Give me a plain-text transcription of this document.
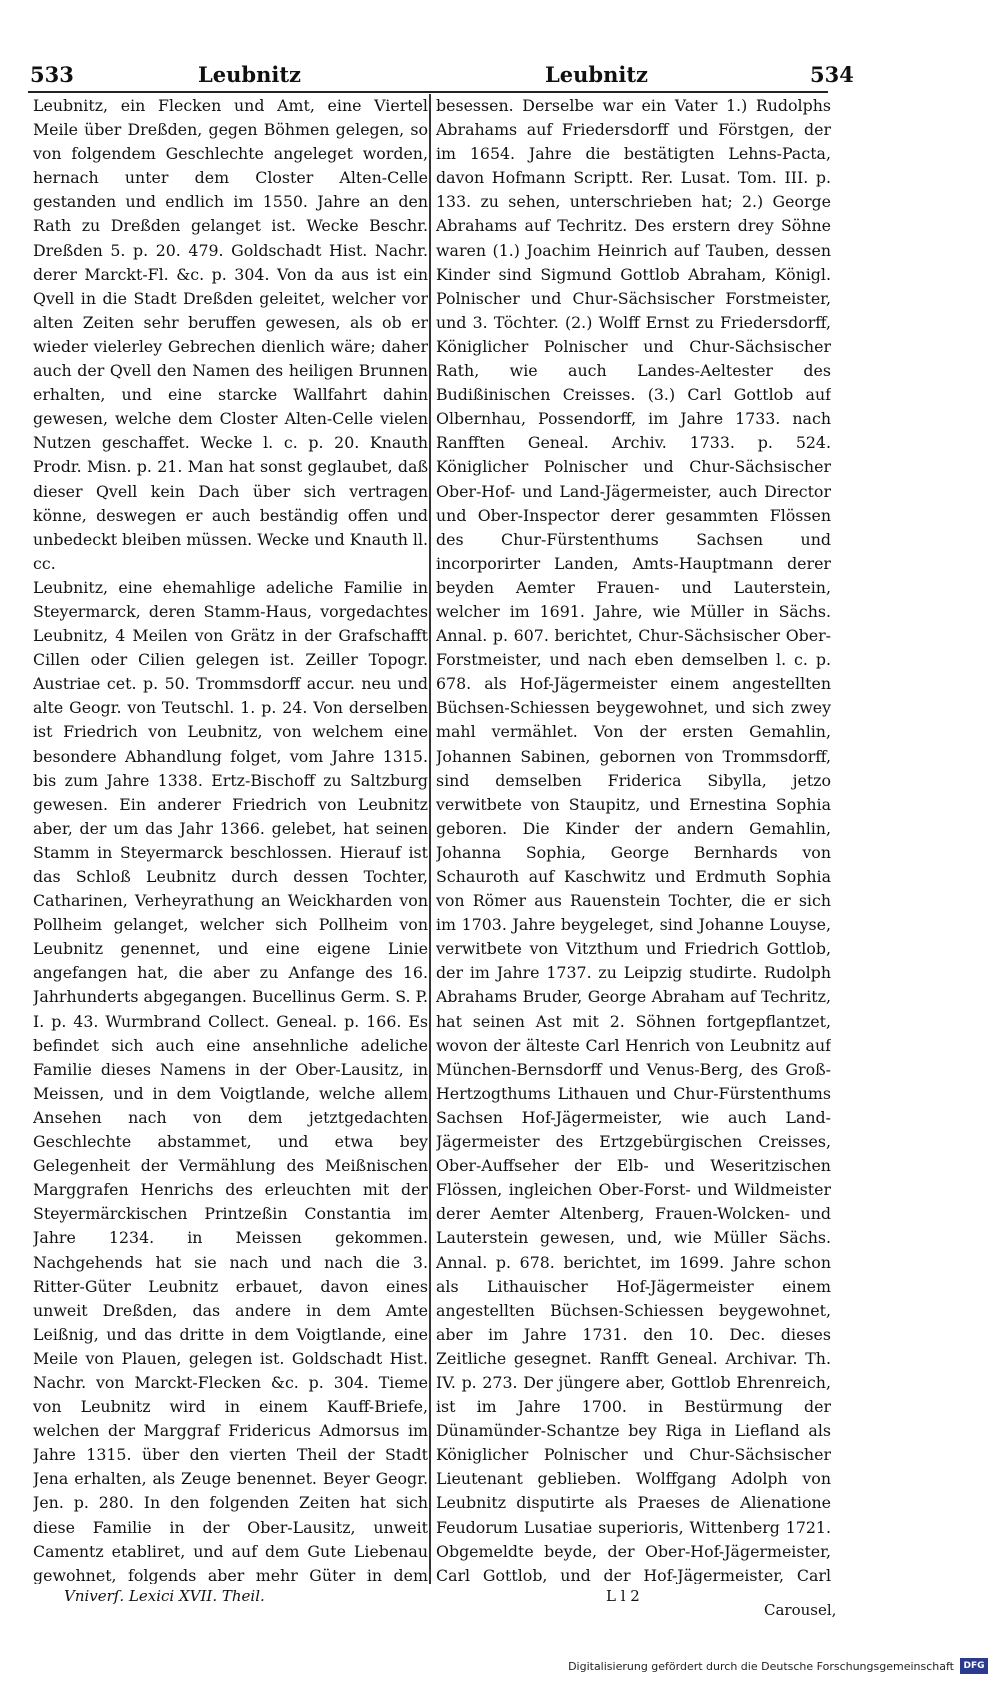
533	Leubnitz	Leubnitz	534

Leubnitz, ein Flecken und Amt, eine Viertel Meile über Dreßden, gegen Böhmen gelegen, so von folgendem Geschlechte angeleget worden, hernach unter dem Closter Alten-Celle gestanden und endlich im 1550. Jahre an den Rath zu Dreßden gelanget ist. Wecke Beschr. Dreßden 5. p. 20. 479. Goldschadt Hist. Nachr. derer Marckt-Fl. &c. p. 304. Von da aus ist ein Qvell in die Stadt Dreßden geleitet, welcher vor alten Zeiten sehr beruffen gewesen, als ob er wieder vielerley Gebrechen dienlich wäre; daher auch der Qvell den Namen des heiligen Brunnen erhalten, und eine starcke Wallfahrt dahin gewesen, welche dem Closter Alten-Celle vielen Nutzen geschaffet. Wecke l. c. p. 20. Knauth Prodr. Misn. p. 21. Man hat sonst geglaubet, daß dieser Qvell kein Dach über sich vertragen könne, deswegen er auch beständig offen und unbedeckt bleiben müssen. Wecke und Knauth ll. cc.

Leubnitz, eine ehemahlige adeliche Familie in Steyermarck, deren Stamm-Haus, vorgedachtes Leubnitz, 4 Meilen von Grätz in der Grafschafft Cillen oder Cilien gelegen ist. Zeiller Topogr. Austriae cet. p. 50. Trommsdorff accur. neu und alte Geogr. von Teutschl. 1. p. 24. Von derselben ist Friedrich von Leubnitz, von welchem eine besondere Abhandlung folget, vom Jahre 1315. bis zum Jahre 1338. Ertz-Bischoff zu Saltzburg gewesen. Ein anderer Friedrich von Leubnitz aber, der um das Jahr 1366. gelebet, hat seinen Stamm in Steyermarck beschlossen. Hierauf ist das Schloß Leubnitz durch dessen Tochter, Catharinen, Verheyrathung an Weickharden von Pollheim gelanget, welcher sich Pollheim von Leubnitz genennet, und eine eigene Linie angefangen hat, die aber zu Anfange des 16. Jahrhunderts abgegangen. Bucellinus Germ. S. P. I. p. 43. Wurmbrand Collect. Geneal. p. 166. Es befindet sich auch eine ansehnliche adeliche Familie dieses Namens in der Ober-Lausitz, in Meissen, und in dem Voigtlande, welche allem Ansehen nach von dem jetztgedachten Geschlechte abstammet, und etwa bey Gelegenheit der Vermählung des Meißnischen Marggrafen Henrichs des erleuchten mit der Steyermärckischen Printzeßin Constantia im Jahre 1234. in Meissen gekommen. Nachgehends hat sie nach und nach die 3. Ritter-Güter Leubnitz erbauet, davon eines unweit Dreßden, das andere in dem Amte Leißnig, und das dritte in dem Voigtlande, eine Meile von Plauen, gelegen ist. Goldschadt Hist. Nachr. von Marckt-Flecken &c. p. 304. Tieme von Leubnitz wird in einem Kauff-Briefe, welchen der Marggraf Fridericus Admorsus im Jahre 1315. über den vierten Theil der Stadt Jena erhalten, als Zeuge benennet. Beyer Geogr. Jen. p. 280. In den folgenden Zeiten hat sich diese Familie in der Ober-Lausitz, unweit Camentz etabliret, und auf dem Gute Liebenau gewohnet, folgends aber mehr Güter in dem

besessen. Derselbe war ein Vater 1.) Rudolphs Abrahams auf Friedersdorff und Förstgen, der im 1654. Jahre die bestätigten Lehns-Pacta, davon Hofmann Scriptt. Rer. Lusat. Tom. III. p. 133. zu sehen, unterschrieben hat; 2.) George Abrahams auf Techritz. Des erstern drey Söhne waren (1.) Joachim Heinrich auf Tauben, dessen Kinder sind Sigmund Gottlob Abraham, Königl. Polnischer und Chur-Sächsischer Forstmeister, und 3. Töchter. (2.) Wolff Ernst zu Friedersdorff, Königlicher Polnischer und Chur-Sächsischer Rath, wie auch Landes-Aeltester des Budißinischen Creisses. (3.) Carl Gottlob auf Olbernhau, Possendorff, im Jahre 1733. nach Ranfften Geneal. Archiv. 1733. p. 524. Königlicher Polnischer und Chur-Sächsischer Ober-Hof- und Land-Jägermeister, auch Director und Ober-Inspector derer gesammten Flössen des Chur-Fürstenthums Sachsen und incorporirter Landen, Amts-Hauptmann derer beyden Aemter Frauen- und Lauterstein, welcher im 1691. Jahre, wie Müller in Sächs. Annal. p. 607. berichtet, Chur-Sächsischer Ober-Forstmeister, und nach eben demselben l. c. p. 678. als Hof-Jägermeister einem angestellten Büchsen-Schiessen beygewohnet, und sich zwey mahl vermählet. Von der ersten Gemahlin, Johannen Sabinen, gebornen von Trommsdorff, sind demselben Friderica Sibylla, jetzo verwitbete von Staupitz, und Ernestina Sophia geboren. Die Kinder der andern Gemahlin, Johanna Sophia, George Bernhards von Schauroth auf Kaschwitz und Erdmuth Sophia von Römer aus Rauenstein Tochter, die er sich im 1703. Jahre beygeleget, sind Johanne Louyse, verwitbete von Vitzthum und Friedrich Gottlob, der im Jahre 1737. zu Leipzig studirte. Rudolph Abrahams Bruder, George Abraham auf Techritz, hat seinen Ast mit 2. Söhnen fortgepflantzet, wovon der älteste Carl Henrich von Leubnitz auf München-Bernsdorff und Venus-Berg, des Groß-Hertzogthums Lithauen und Chur-Fürstenthums Sachsen Hof-Jägermeister, wie auch Land-Jägermeister des Ertzgebürgischen Creisses, Ober-Auffseher der Elb- und Weseritzischen Flössen, ingleichen Ober-Forst- und Wildmeister derer Aemter Altenberg, Frauen-Wolcken- und Lauterstein gewesen, und, wie Müller Sächs. Annal. p. 678. berichtet, im 1699. Jahre schon als Lithauischer Hof-Jägermeister einem angestellten Büchsen-Schiessen beygewohnet, aber im Jahre 1731. den 10. Dec. dieses Zeitliche gesegnet. Ranfft Geneal. Archivar. Th. IV. p. 273. Der jüngere aber, Gottlob Ehrenreich, ist im Jahre 1700. in Bestürmung der Dünamünder-Schantze bey Riga in Liefland als Königlicher Polnischer und Chur-Sächsischer Lieutenant geblieben. Wolffgang Adolph von Leubnitz disputirte als Praeses de Alienatione Feudorum Lusatiae superioris, Wittenberg 1721. Obgemeldte beyde, der Ober-Hof-Jägermeister, Carl Gottlob, und der Hof-Jägermeister, Carl

Vniverſ. Lexici XVII. Theil.	L l 2
Carousel,
Digitalisierung gefördert durch die Deutsche Forschungsgemeinschaft	DFG
